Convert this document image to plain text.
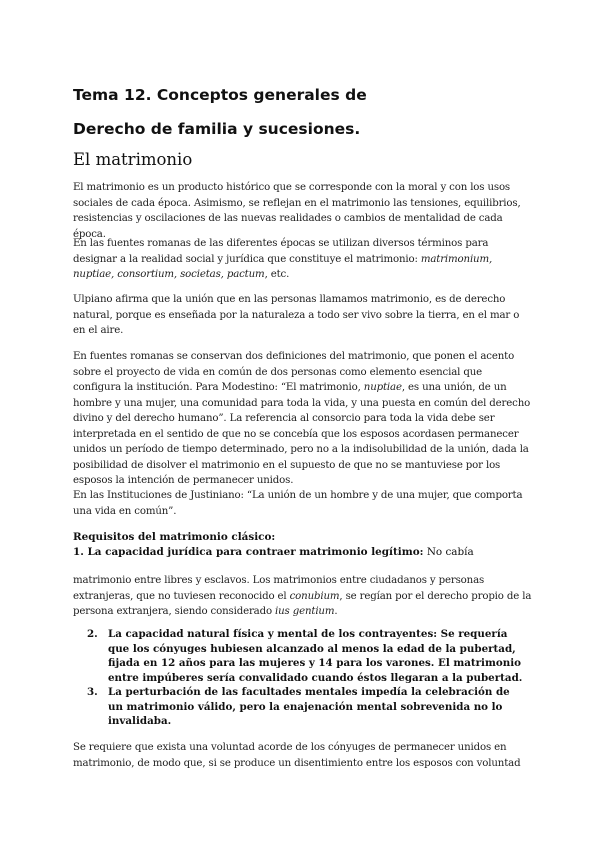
Tema 12. Conceptos generales de
Derecho de familia y sucesiones.
El matrimonio

El matrimonio es un producto histórico que se corresponde con la moral y con los usos sociales de cada época. Asimismo, se reflejan en el matrimonio las tensiones, equilibrios, resistencias y oscilaciones de las nuevas realidades o cambios de mentalidad de cada época.

En las fuentes romanas de las diferentes épocas se utilizan diversos términos para designar a la realidad social y jurídica que constituye el matrimonio: matrimonium, nuptiae, consortium, societas, pactum, etc.

Ulpiano afirma que la unión que en las personas llamamos matrimonio, es de derecho natural, porque es enseñada por la naturaleza a todo ser vivo sobre la tierra, en el mar o en el aire.

En fuentes romanas se conservan dos definiciones del matrimonio, que ponen el acento sobre el proyecto de vida en común de dos personas como elemento esencial que configura la institución. Para Modestino: “El matrimonio, nuptiae, es una unión, de un hombre y una mujer, una comunidad para toda la vida, y una puesta en común del derecho divino y del derecho humano”. La referencia al consorcio para toda la vida debe ser interpretada en el sentido de que no se concebía que los esposos acordasen permanecer unidos un período de tiempo determinado, pero no a la indisolubilidad de la unión, dada la posibilidad de disolver el matrimonio en el supuesto de que no se mantuviese por los esposos la intención de permanecer unidos.

En las Instituciones de Justiniano: “La unión de un hombre y de una mujer, que comporta una vida en común”.

Requisitos del matrimonio clásico:

1. La capacidad jurídica para contraer matrimonio legítimo: No cabía

matrimonio entre libres y esclavos. Los matrimonios entre ciudadanos y personas extranjeras, que no tuviesen reconocido el conubium, se regían por el derecho propio de la persona extranjera, siendo considerado ius gentium.

2. La capacidad natural física y mental de los contrayentes: Se requería que los cónyuges hubiesen alcanzado al menos la edad de la pubertad, fijada en 12 años para las mujeres y 14 para los varones. El matrimonio entre impúberes sería convalidado cuando éstos llegaran a la pubertad.
3. La perturbación de las facultades mentales impedía la celebración de un matrimonio válido, pero la enajenación mental sobrevenida no lo invalidaba.

Se requiere que exista una voluntad acorde de los cónyuges de permanecer unidos en matrimonio, de modo que, si se produce un disentimiento entre los esposos con voluntad
